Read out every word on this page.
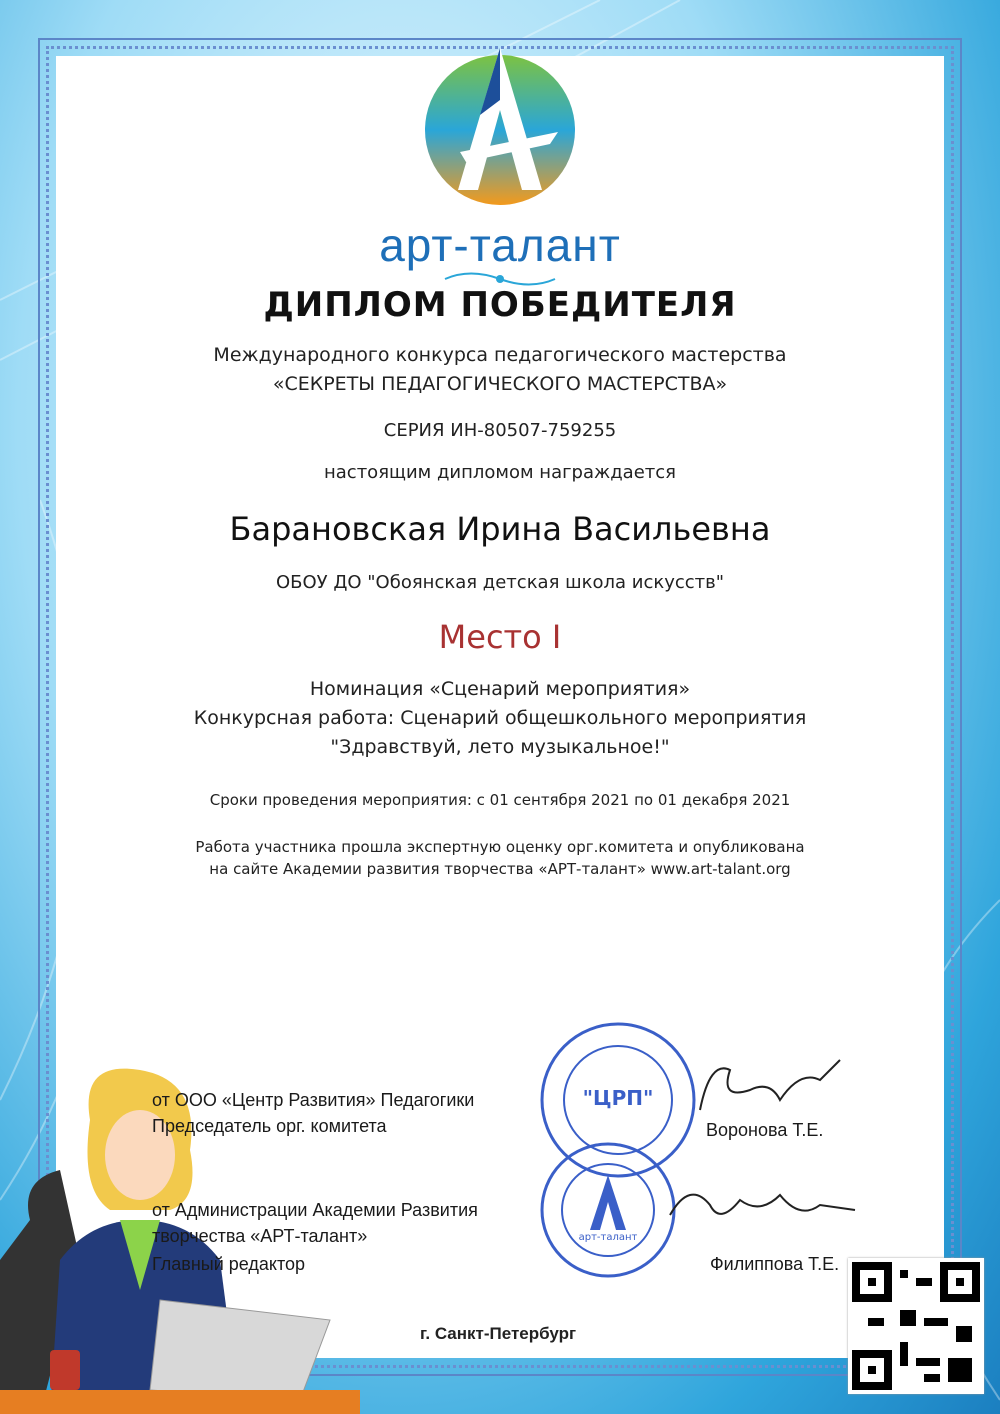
арт-талант
ДИПЛОМ ПОБЕДИТЕЛЯ
Международного конкурса педагогического мастерства
«СЕКРЕТЫ ПЕДАГОГИЧЕСКОГО МАСТЕРСТВА»
СЕРИЯ ИН-80507-759255
настоящим дипломом награждается
Барановская Ирина Васильевна
ОБОУ ДО "Обоянская детская школа искусств"
Место I
Номинация «Сценарий мероприятия»
Конкурсная работа: Сценарий общешкольного мероприятия
"Здравствуй, лето музыкальное!"
Сроки проведения мероприятия: с 01 сентября 2021 по 01 декабря 2021
Работа участника прошла экспертную оценку орг.комитета и опубликована
на сайте Академии развития творчества «АРТ-талант» www.art-talant.org
от ООО «Центр Развития» Педагогики
Председатель орг. комитета	Воронова Т.Е.
от Администрации Академии Развития
творчества «АРТ-талант»
Главный редактор	Филиппова Т.Е.
"ЦРП"
арт-талант
г. Санкт-Петербург
